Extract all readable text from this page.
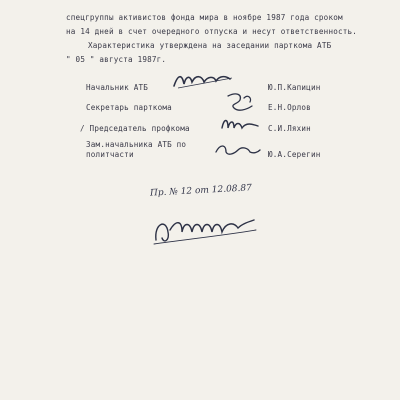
спецгруппы активистов фонда мира в ноябре 1987 года сроком
на 14 дней в счет очередного отпуска и несут ответственность.
Характеристика утверждена на заседании парткома АТБ
" 05 " августа 1987г.
Начальник АТБ
Секретарь парткома
/ Председатель профкома
Зам.начальника АТБ по
политчасти
Ю.П.Капицин
Е.Н.Орлов
С.И.Ляхин
Ю.А.Серегин
Пр. № 12 от 12.08.87
